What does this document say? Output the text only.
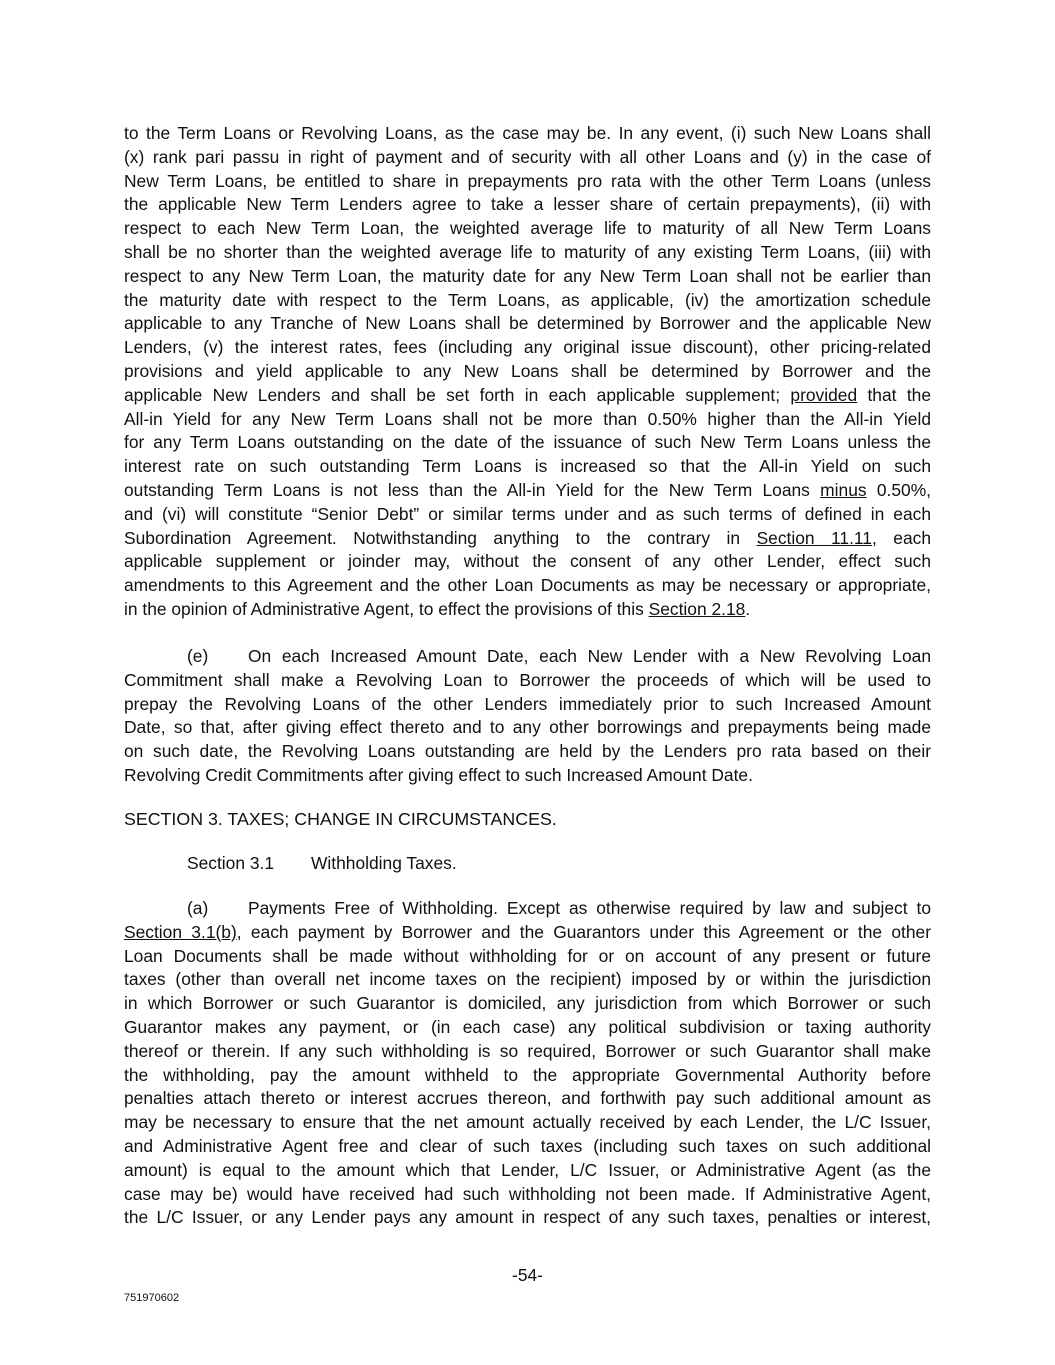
to the Term Loans or Revolving Loans, as the case may be. In any event, (i) such New Loans shall
(x) rank pari passu in right of payment and of security with all other Loans and (y) in the case of
New Term Loans, be entitled to share in prepayments pro rata with the other Term Loans (unless
the applicable New Term Lenders agree to take a lesser share of certain prepayments), (ii) with
respect to each New Term Loan, the weighted average life to maturity of all New Term Loans
shall be no shorter than the weighted average life to maturity of any existing Term Loans, (iii) with
respect to any New Term Loan, the maturity date for any New Term Loan shall not be earlier than
the maturity date with respect to the Term Loans, as applicable, (iv) the amortization schedule
applicable to any Tranche of New Loans shall be determined by Borrower and the applicable New
Lenders, (v) the interest rates, fees (including any original issue discount), other pricing-related
provisions and yield applicable to any New Loans shall be determined by Borrower and the
applicable New Lenders and shall be set forth in each applicable supplement; provided that the
All-in Yield for any New Term Loans shall not be more than 0.50% higher than the All-in Yield
for any Term Loans outstanding on the date of the issuance of such New Term Loans unless the
interest rate on such outstanding Term Loans is increased so that the All-in Yield on such
outstanding Term Loans is not less than the All-in Yield for the New Term Loans minus 0.50%,
and (vi) will constitute “Senior Debt” or similar terms under and as such terms of defined in each
Subordination Agreement. Notwithstanding anything to the contrary in Section 11.11, each
applicable supplement or joinder may, without the consent of any other Lender, effect such
amendments to this Agreement and the other Loan Documents as may be necessary or appropriate,
in the opinion of Administrative Agent, to effect the provisions of this Section 2.18.
(e) On each Increased Amount Date, each New Lender with a New Revolving Loan
Commitment shall make a Revolving Loan to Borrower the proceeds of which will be used to
prepay the Revolving Loans of the other Lenders immediately prior to such Increased Amount
Date, so that, after giving effect thereto and to any other borrowings and prepayments being made
on such date, the Revolving Loans outstanding are held by the Lenders pro rata based on their
Revolving Credit Commitments after giving effect to such Increased Amount Date.
SECTION 3. TAXES; CHANGE IN CIRCUMSTANCES.

Section 3.1 Withholding Taxes.

(a) Payments Free of Withholding. Except as otherwise required by law and subject to
Section 3.1(b), each payment by Borrower and the Guarantors under this Agreement or the other
Loan Documents shall be made without withholding for or on account of any present or future
taxes (other than overall net income taxes on the recipient) imposed by or within the jurisdiction
in which Borrower or such Guarantor is domiciled, any jurisdiction from which Borrower or such
Guarantor makes any payment, or (in each case) any political subdivision or taxing authority
thereof or therein. If any such withholding is so required, Borrower or such Guarantor shall make
the withholding, pay the amount withheld to the appropriate Governmental Authority before
penalties attach thereto or interest accrues thereon, and forthwith pay such additional amount as
may be necessary to ensure that the net amount actually received by each Lender, the L/C Issuer,
and Administrative Agent free and clear of such taxes (including such taxes on such additional
amount) is equal to the amount which that Lender, L/C Issuer, or Administrative Agent (as the
case may be) would have received had such withholding not been made. If Administrative Agent,
the L/C Issuer, or any Lender pays any amount in respect of any such taxes, penalties or interest,
-54-
751970602
